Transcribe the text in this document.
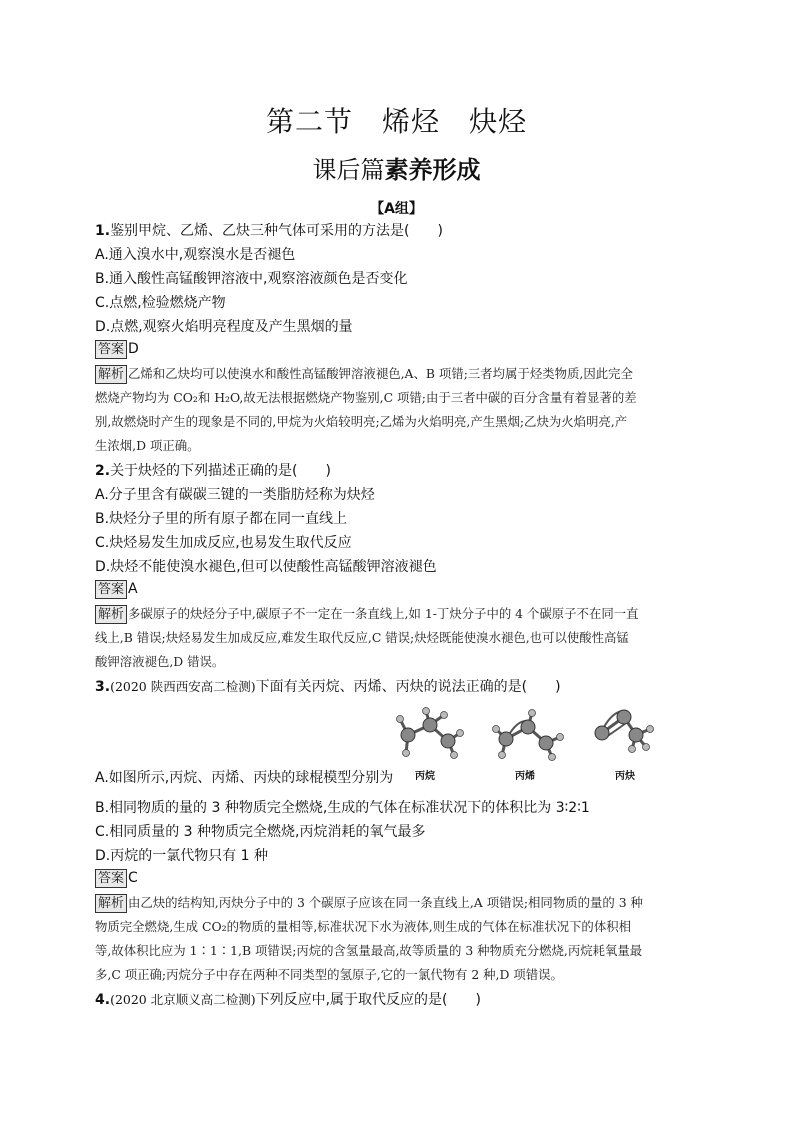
第二节　烯烃　炔烃
课后篇素养形成
【A组】
1.鉴别甲烷、乙烯、乙炔三种气体可采用的方法是(　　)
A.通入溴水中,观察溴水是否褪色
B.通入酸性高锰酸钾溶液中,观察溶液颜色是否变化
C.点燃,检验燃烧产物
D.点燃,观察火焰明亮程度及产生黑烟的量
答案 D
解析 乙烯和乙炔均可以使溴水和酸性高锰酸钾溶液褪色,A、B 项错;三者均属于烃类物质,因此完全
燃烧产物均为 CO₂和 H₂O,故无法根据燃烧产物鉴别,C 项错;由于三者中碳的百分含量有着显著的差
别,故燃烧时产生的现象是不同的,甲烷为火焰较明亮;乙烯为火焰明亮,产生黑烟;乙炔为火焰明亮,产
生浓烟,D 项正确。
2.关于炔烃的下列描述正确的是(　　)
A.分子里含有碳碳三键的一类脂肪烃称为炔烃
B.炔烃分子里的所有原子都在同一直线上
C.炔烃易发生加成反应,也易发生取代反应
D.炔烃不能使溴水褪色,但可以使酸性高锰酸钾溶液褪色
答案 A
解析 多碳原子的炔烃分子中,碳原子不一定在一条直线上,如 1-丁炔分子中的 4 个碳原子不在同一直
线上,B 错误;炔烃易发生加成反应,难发生取代反应,C 错误;炔烃既能使溴水褪色,也可以使酸性高锰
酸钾溶液褪色,D 错误。
3.(2020 陕西西安高二检测)下面有关丙烷、丙烯、丙炔的说法正确的是(　　)
丙烷	丙烯	丙炔
A.如图所示,丙烷、丙烯、丙炔的球棍模型分别为
B.相同物质的量的 3 种物质完全燃烧,生成的气体在标准状况下的体积比为 3∶2∶1
C.相同质量的 3 种物质完全燃烧,丙烷消耗的氧气最多
D.丙烷的一氯代物只有 1 种
答案 C
解析 由乙炔的结构知,丙炔分子中的 3 个碳原子应该在同一条直线上,A 项错误;相同物质的量的 3 种
物质完全燃烧,生成 CO₂的物质的量相等,标准状况下水为液体,则生成的气体在标准状况下的体积相
等,故体积比应为 1∶1∶1,B 项错误;丙烷的含氢量最高,故等质量的 3 种物质充分燃烧,丙烷耗氧量最
多,C 项正确;丙烷分子中存在两种不同类型的氢原子,它的一氯代物有 2 种,D 项错误。
4.(2020 北京顺义高二检测)下列反应中,属于取代反应的是(　　)
